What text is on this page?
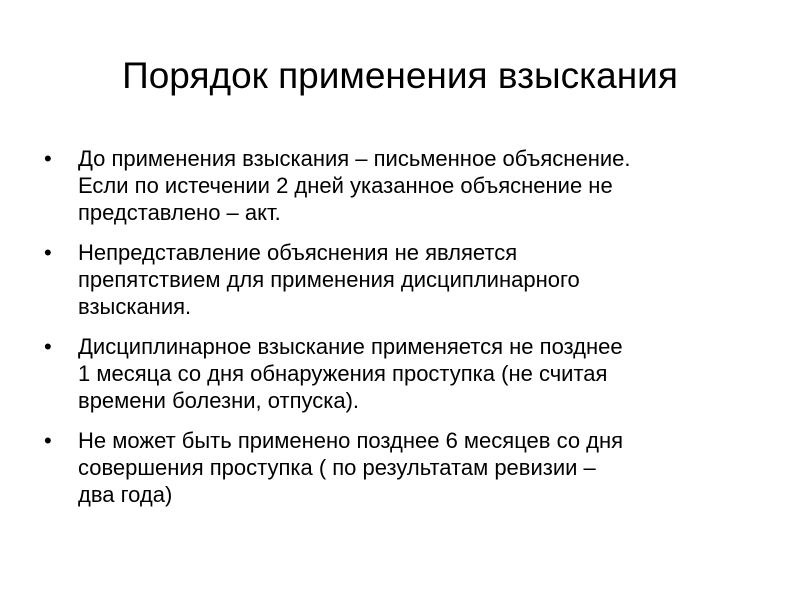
Порядок применения взыскания
• До применения взыскания – письменное объяснение.
Если по истечении 2 дней указанное объяснение не
представлено – акт.
• Непредставление объяснения не является
препятствием для применения дисциплинарного
взыскания.
• Дисциплинарное взыскание применяется не позднее
1 месяца со дня обнаружения проступка (не считая
времени болезни, отпуска).
• Не может быть применено позднее 6 месяцев со дня
совершения проступка ( по результатам ревизии –
два года)
